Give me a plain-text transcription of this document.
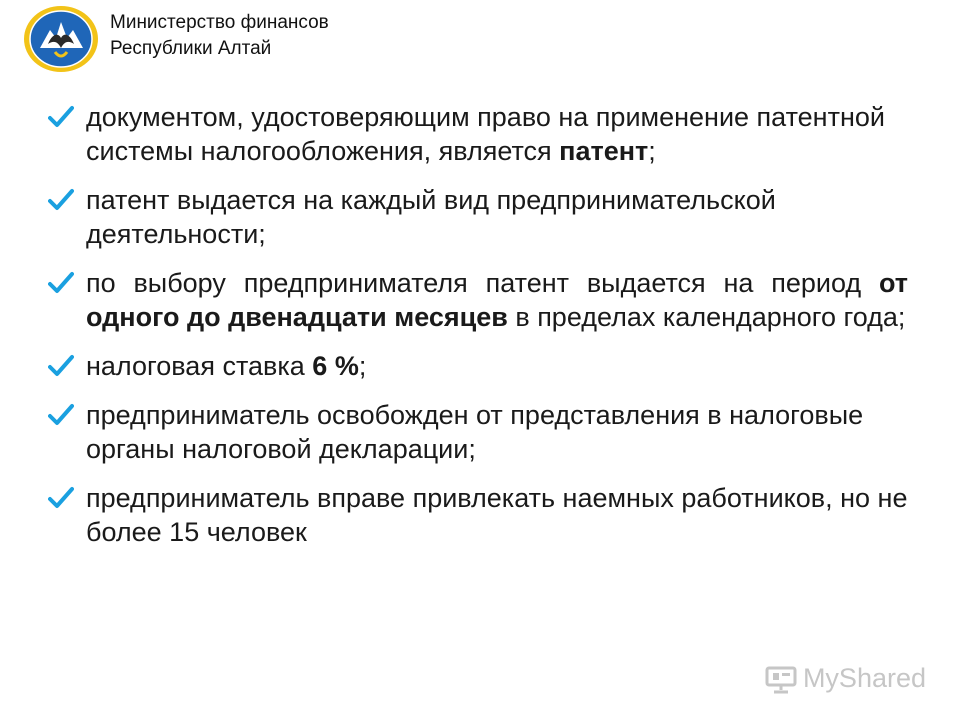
Министерство финансов
Республики Алтай
документом, удостоверяющим право на применение патентной системы налогообложения, является патент;
патент выдается на каждый вид предпринимательской деятельности;
по выбору предпринимателя патент выдается на период от одного до двенадцати месяцев в пределах календарного года;
налоговая ставка 6 %;
предприниматель освобожден от представления в налоговые органы налоговой декларации;
предприниматель вправе привлекать наемных работников, но не более 15 человек
MyShared
